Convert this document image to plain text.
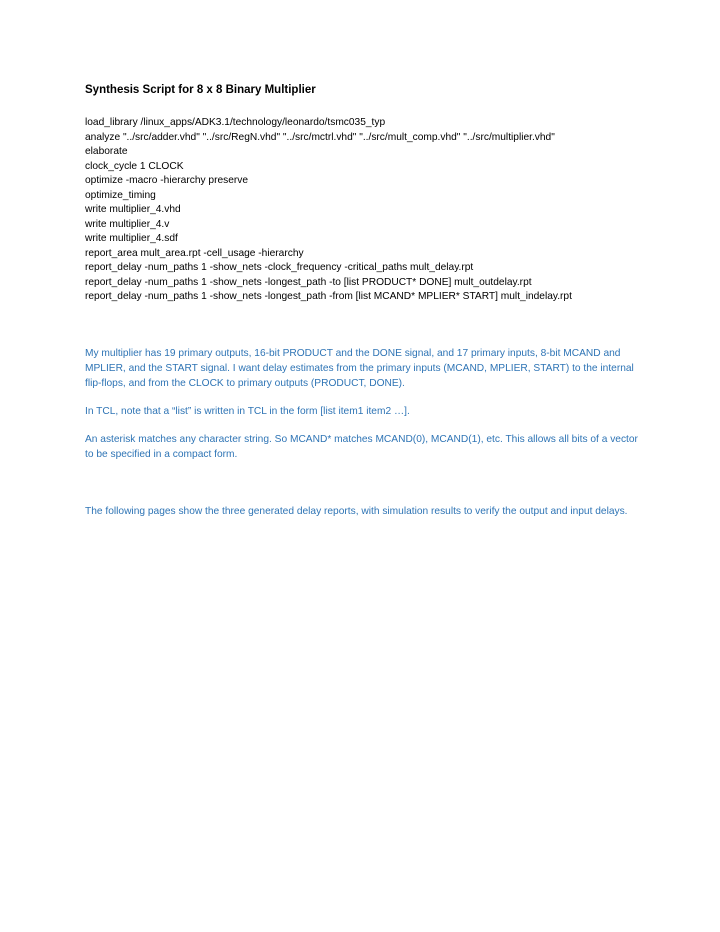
Synthesis Script for 8 x 8 Binary Multiplier
load_library /linux_apps/ADK3.1/technology/leonardo/tsmc035_typ
analyze "../src/adder.vhd" "../src/RegN.vhd" "../src/mctrl.vhd" "../src/mult_comp.vhd" "../src/multiplier.vhd"
elaborate
clock_cycle 1 CLOCK
optimize -macro -hierarchy preserve
optimize_timing
write multiplier_4.vhd
write multiplier_4.v
write multiplier_4.sdf
report_area mult_area.rpt -cell_usage -hierarchy
report_delay -num_paths 1 -show_nets -clock_frequency -critical_paths mult_delay.rpt
report_delay -num_paths 1 -show_nets -longest_path -to [list PRODUCT* DONE] mult_outdelay.rpt
report_delay -num_paths 1 -show_nets -longest_path -from [list MCAND* MPLIER* START] mult_indelay.rpt
My multiplier has 19 primary outputs, 16-bit PRODUCT and the DONE signal, and 17 primary inputs, 8-bit MCAND and MPLIER, and the START signal. I want delay estimates from the primary inputs (MCAND, MPLIER, START) to the internal flip-flops, and from the CLOCK to primary outputs (PRODUCT, DONE).
In TCL, note that a “list” is written in TCL in the form [list item1 item2 …].
An asterisk matches any character string. So MCAND* matches MCAND(0), MCAND(1), etc. This allows all bits of a vector to be specified in a compact form.
The following pages show the three generated delay reports, with simulation results to verify the output and input delays.
